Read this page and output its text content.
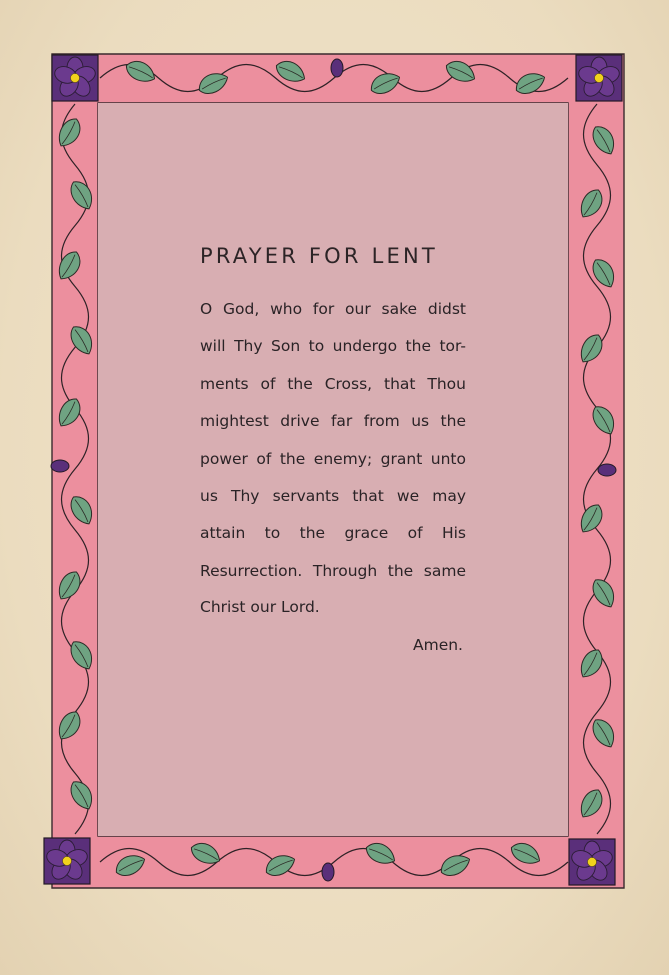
PRAYER FOR LENT
O God, who for our sake didst
will Thy Son to undergo the tor-
ments of the Cross, that Thou
mightest drive far from us the
power of the enemy; grant unto
us Thy servants that we may
attain to the grace of His
Resurrection. Through the same
Christ our Lord.
Amen.
